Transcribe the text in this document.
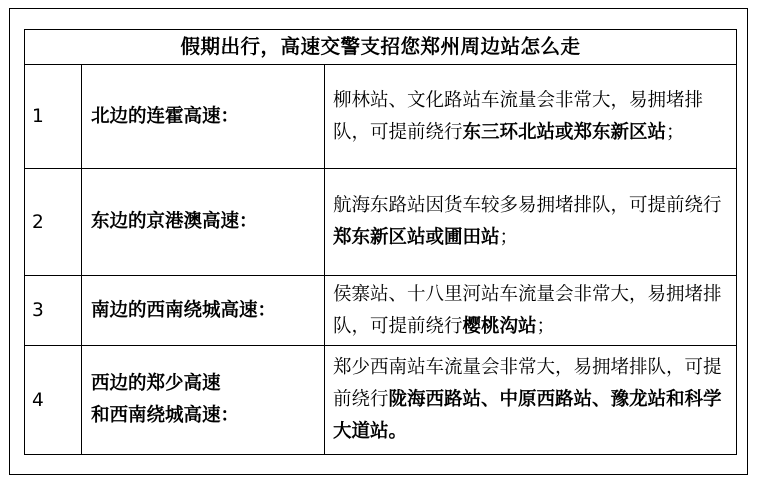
假期出行，高速交警支招您郑州周边站怎么走		
1	北边的连霍高速：	柳林站、文化路站车流量会非常大，易拥堵排队，可提前绕行东三环北站或郑东新区站；
2	东边的京港澳高速：	航海东路站因货车较多易拥堵排队，可提前绕行郑东新区站或圃田站；
3	南边的西南绕城高速：	侯寨站、十八里河站车流量会非常大，易拥堵排队，可提前绕行樱桃沟站；
4	西边的郑少高速
和西南绕城高速：	郑少西南站车流量会非常大，易拥堵排队，可提前绕行陇海西路站、中原西路站、豫龙站和科学大道站。
